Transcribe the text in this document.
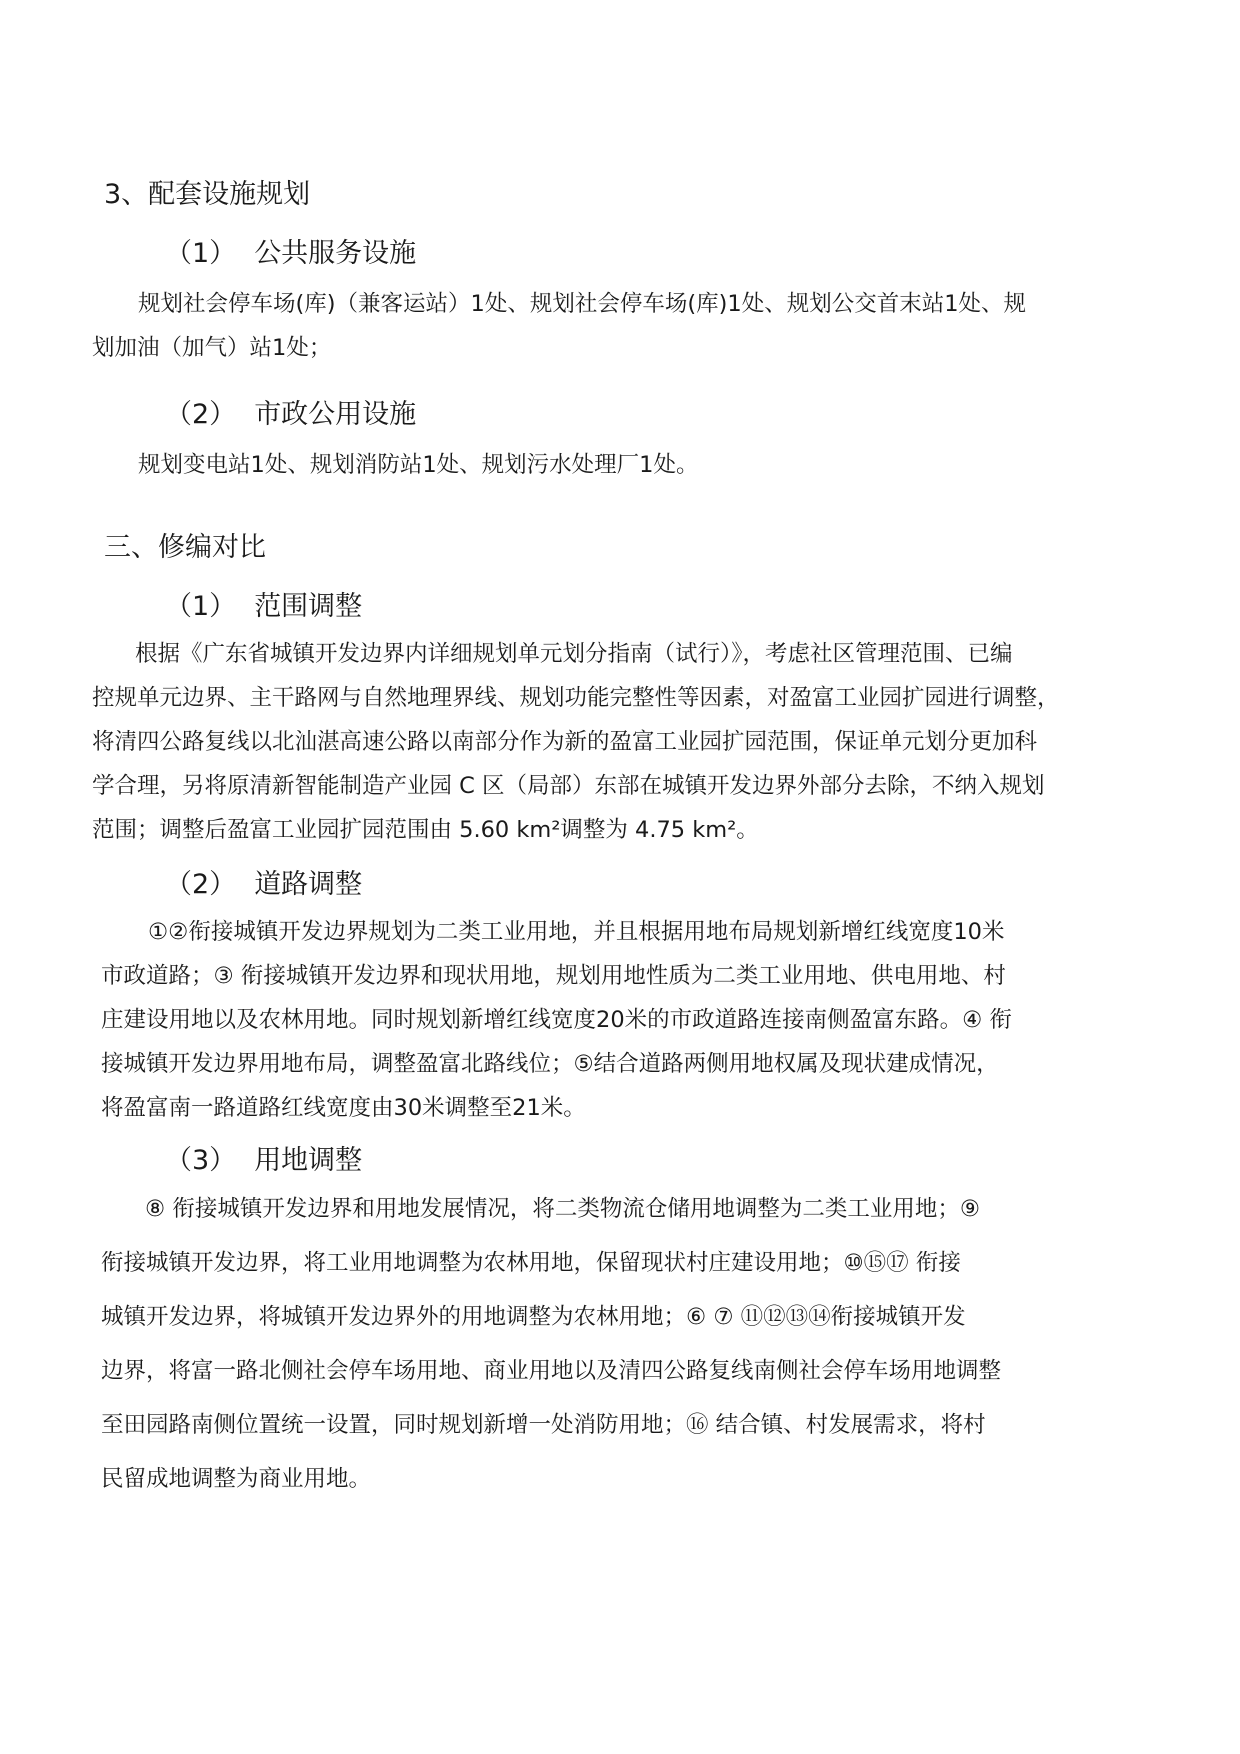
3、配套设施规划
（1） 公共服务设施
规划社会停车场(库)（兼客运站）1处、规划社会停车场(库)1处、规划公交首末站1处、规
划加油（加气）站1处；
（2） 市政公用设施
规划变电站1处、规划消防站1处、规划污水处理厂1处。
三、修编对比
（1） 范围调整
根据《广东省城镇开发边界内详细规划单元划分指南（试行）》，考虑社区管理范围、已编
控规单元边界、主干路网与自然地理界线、规划功能完整性等因素，对盈富工业园扩园进行调整，
将清四公路复线以北汕湛高速公路以南部分作为新的盈富工业园扩园范围，保证单元划分更加科
学合理，另将原清新智能制造产业园 C 区（局部）东部在城镇开发边界外部分去除，不纳入规划
范围；调整后盈富工业园扩园范围由 5.60 km²调整为 4.75 km²。
（2） 道路调整
①②衔接城镇开发边界规划为二类工业用地，并且根据用地布局规划新增红线宽度10米
市政道路；③ 衔接城镇开发边界和现状用地，规划用地性质为二类工业用地、供电用地、村
庄建设用地以及农林用地。同时规划新增红线宽度20米的市政道路连接南侧盈富东路。④ 衔
接城镇开发边界用地布局，调整盈富北路线位；⑤结合道路两侧用地权属及现状建成情况，
将盈富南一路道路红线宽度由30米调整至21米。
（3） 用地调整
⑧ 衔接城镇开发边界和用地发展情况，将二类物流仓储用地调整为二类工业用地；⑨
衔接城镇开发边界，将工业用地调整为农林用地，保留现状村庄建设用地；⑩⑮⑰ 衔接
城镇开发边界，将城镇开发边界外的用地调整为农林用地；⑥ ⑦ ⑪⑫⑬⑭衔接城镇开发
边界，将富一路北侧社会停车场用地、商业用地以及清四公路复线南侧社会停车场用地调整
至田园路南侧位置统一设置，同时规划新增一处消防用地；⑯ 结合镇、村发展需求，将村
民留成地调整为商业用地。
